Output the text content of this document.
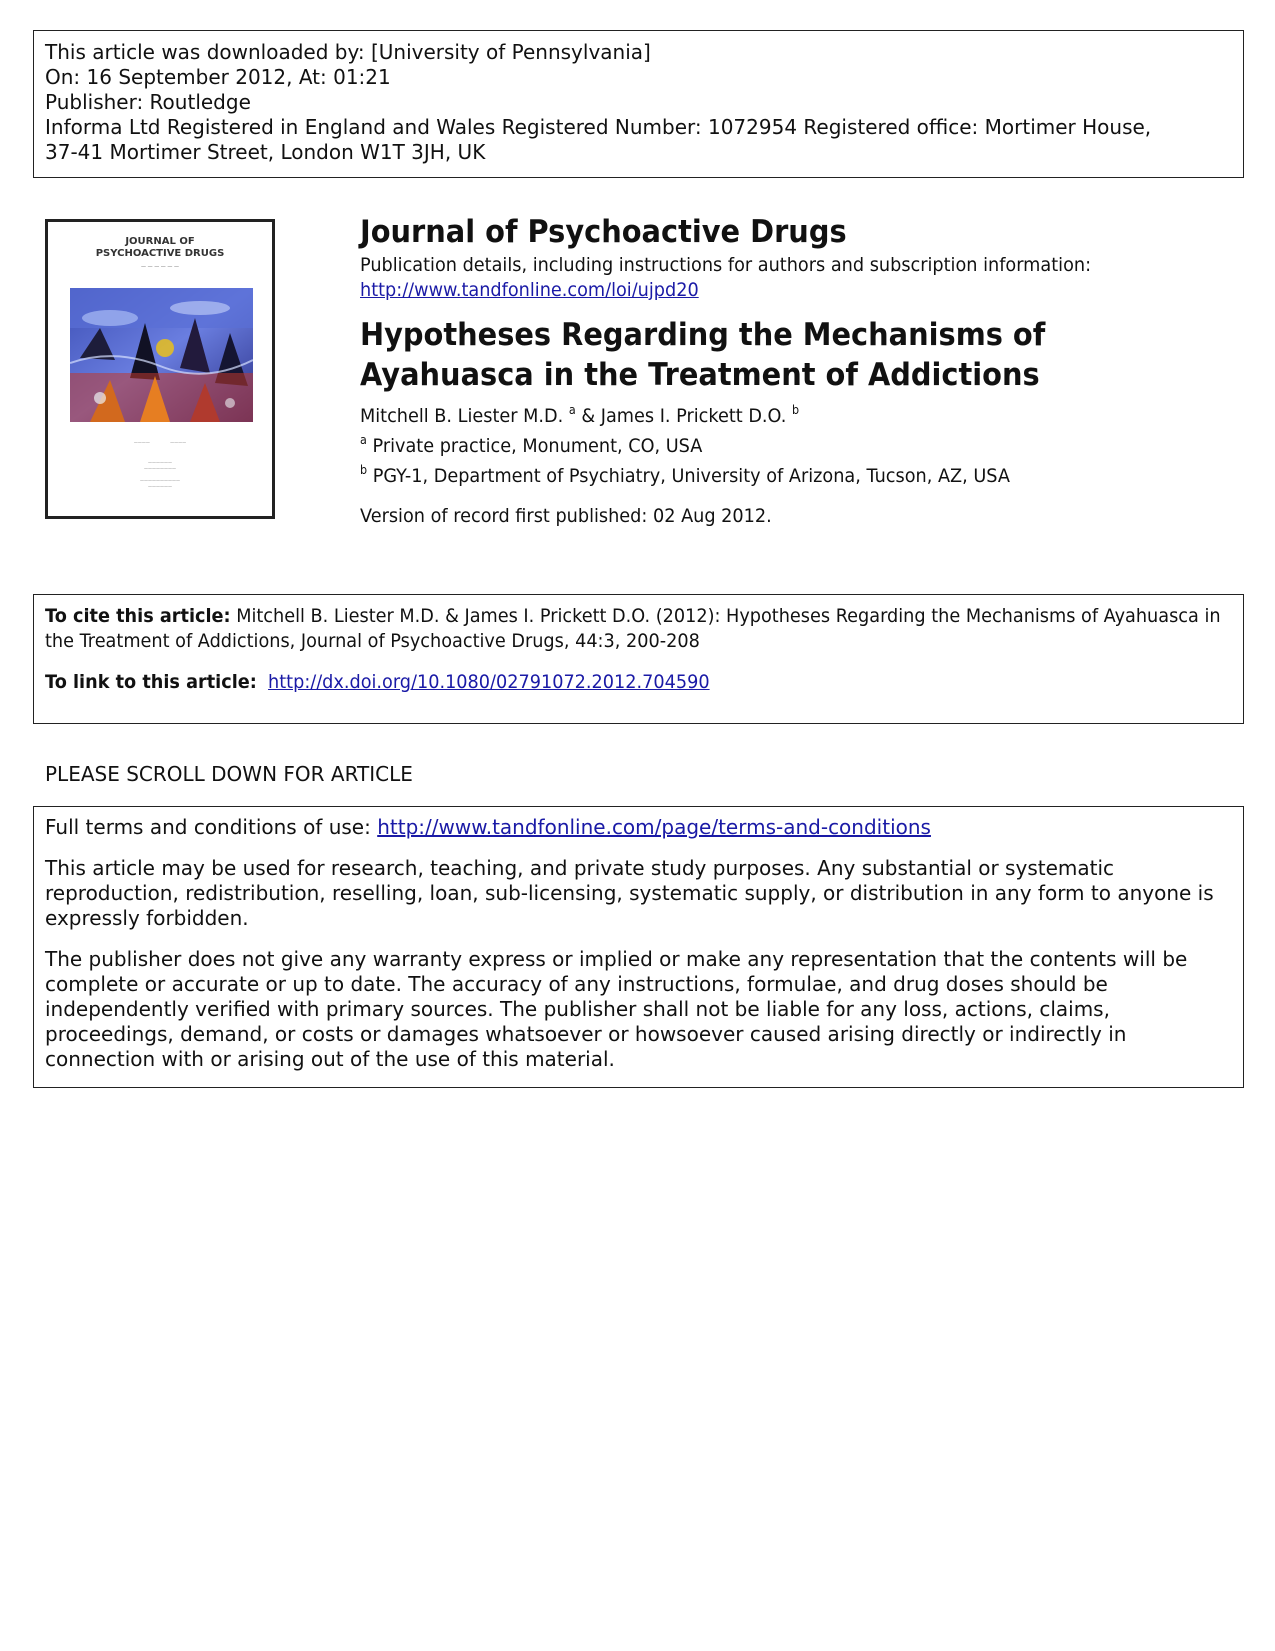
This article was downloaded by: [University of Pennsylvania]
On: 16 September 2012, At: 01:21
Publisher: Routledge
Informa Ltd Registered in England and Wales Registered Number: 1072954 Registered office: Mortimer House,
37-41 Mortimer Street, London W1T 3JH, UK
JOURNAL OF
PSYCHOACTIVE DRUGS
— — — — — —
————                ————
——————
————————
——————————
——————
Journal of Psychoactive Drugs
Publication details, including instructions for authors and subscription information:
http://www.tandfonline.com/loi/ujpd20
Hypotheses Regarding the Mechanisms of Ayahuasca in the Treatment of Addictions
Mitchell B. Liester M.D. $^a$ & James I. Prickett D.O. $^b$
$^a$ Private practice, Monument, CO, USA
$^b$ PGY-1, Department of Psychiatry, University of Arizona, Tucson, AZ, USA
Version of record first published: 02 Aug 2012.
To cite this article: Mitchell B. Liester M.D. & James I. Prickett D.O. (2012): Hypotheses Regarding the Mechanisms of Ayahuasca in the Treatment of Addictions, Journal of Psychoactive Drugs, 44:3, 200-208
To link to this article: http://dx.doi.org/10.1080/02791072.2012.704590
PLEASE SCROLL DOWN FOR ARTICLE

Full terms and conditions of use: http://www.tandfonline.com/page/terms-and-conditions

This article may be used for research, teaching, and private study purposes. Any substantial or systematic reproduction, redistribution, reselling, loan, sub-licensing, systematic supply, or distribution in any form to anyone is expressly forbidden.

The publisher does not give any warranty express or implied or make any representation that the contents will be complete or accurate or up to date. The accuracy of any instructions, formulae, and drug doses should be independently verified with primary sources. The publisher shall not be liable for any loss, actions, claims, proceedings, demand, or costs or damages whatsoever or howsoever caused arising directly or indirectly in connection with or arising out of the use of this material.
